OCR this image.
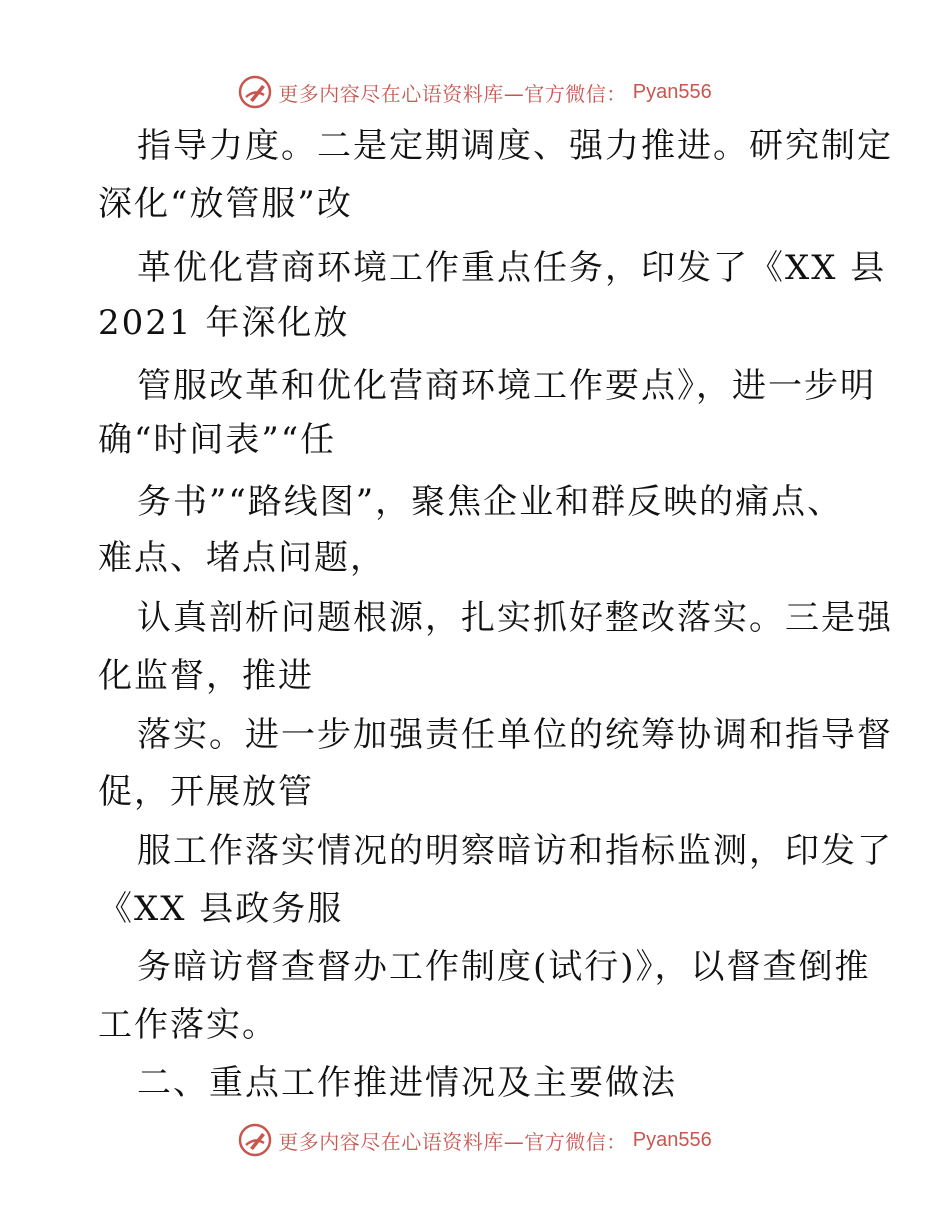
更多内容尽在心语资料库—官方微信： Pyan556
指导力度。二是定期调度、强力推进。研究制定
深化“放管服”改
革优化营商环境工作重点任务，印发了《XX 县
2021 年深化放
管服改革和优化营商环境工作要点》，进一步明
确“时间表”“任
务书”“路线图”，聚焦企业和群反映的痛点、
难点、堵点问题，
认真剖析问题根源，扎实抓好整改落实。三是强
化监督，推进
落实。进一步加强责任单位的统筹协调和指导督
促，开展放管
服工作落实情况的明察暗访和指标监测，印发了
《XX 县政务服
务暗访督查督办工作制度(试行)》，以督查倒推
工作落实。
二、重点工作推进情况及主要做法
更多内容尽在心语资料库—官方微信： Pyan556
